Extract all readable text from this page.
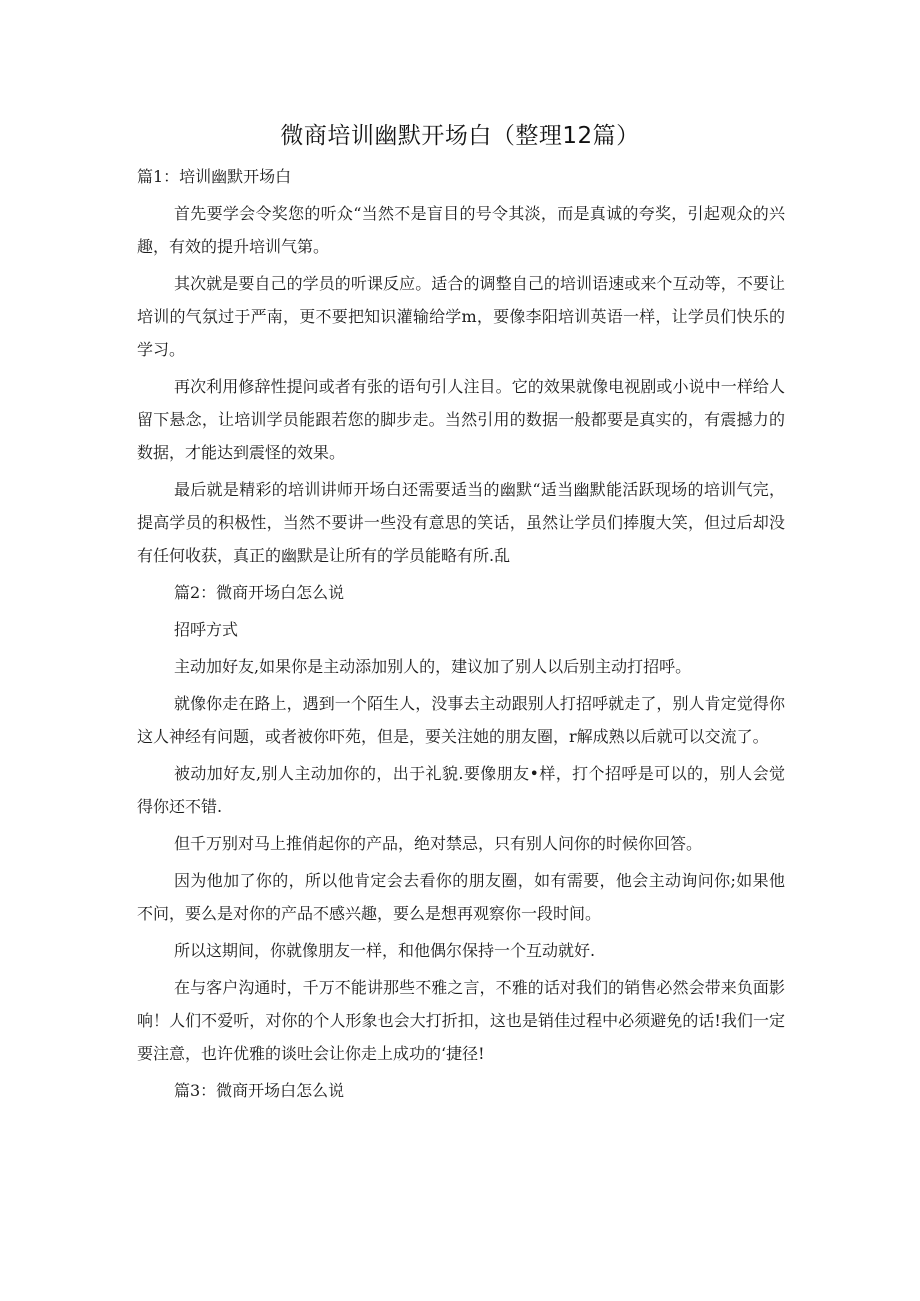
微商培训幽默开场白（整理12篇）

篇1：培训幽默开场白

首先要学会令奖您的听众“当然不是盲目的号令其淡，而是真诚的夸奖，引起观众的兴趣，有效的提升培训气第。

其次就是要自己的学员的听课反应。适合的调整自己的培训语速或来个互动等，不要让培训的气氛过于严南，更不要把知识灌输给学m，要像李阳培训英语一样，让学员们快乐的学习。

再次利用修辞性提问或者有张的语句引人注目。它的效果就像电视剧或小说中一样给人留下悬念，让培训学员能跟若您的脚步走。当然引用的数据一般都要是真实的，有震撼力的数据，才能达到震怪的效果。

最后就是精彩的培训讲师开场白还需要适当的幽默“适当幽默能活跃现场的培训气完，提高学员的积极性，当然不要讲一些没有意思的笑话，虽然让学员们捧腹大笑，但过后却没有任何收获，真正的幽默是让所有的学员能略有所.乱

篇2：微商开场白怎么说

招呼方式

主动加好友,如果你是主动添加别人的，建议加了别人以后别主动打招呼。

就像你走在路上，遇到一个陌生人，没事去主动跟别人打招呼就走了，别人肯定觉得你这人神经有问题，或者被你吓苑，但是，要关注她的朋友圈，r解成熟以后就可以交流了。

被动加好友,别人主动加你的，出于礼貌.要像朋友•样，打个招呼是可以的，别人会觉得你还不错.

但千万别对马上推俏起你的产品，绝对禁忌，只有别人问你的时候你回答。

因为他加了你的，所以他肯定会去看你的朋友圈，如有需要，他会主动询问你;如果他不问，要么是对你的产品不感兴趣，要么是想再观察你一段时间。

所以这期间，你就像朋友一样，和他偶尔保持一个互动就好.

在与客户沟通时，千万不能讲那些不雅之言，不雅的话对我们的销售必然会带来负面影响！人们不爱听，对你的个人形象也会大打折扣，这也是销佳过程中必须避免的话!我们一定要注意，也许优雅的谈吐会让你走上成功的‘捷径!

篇3：微商开场白怎么说
